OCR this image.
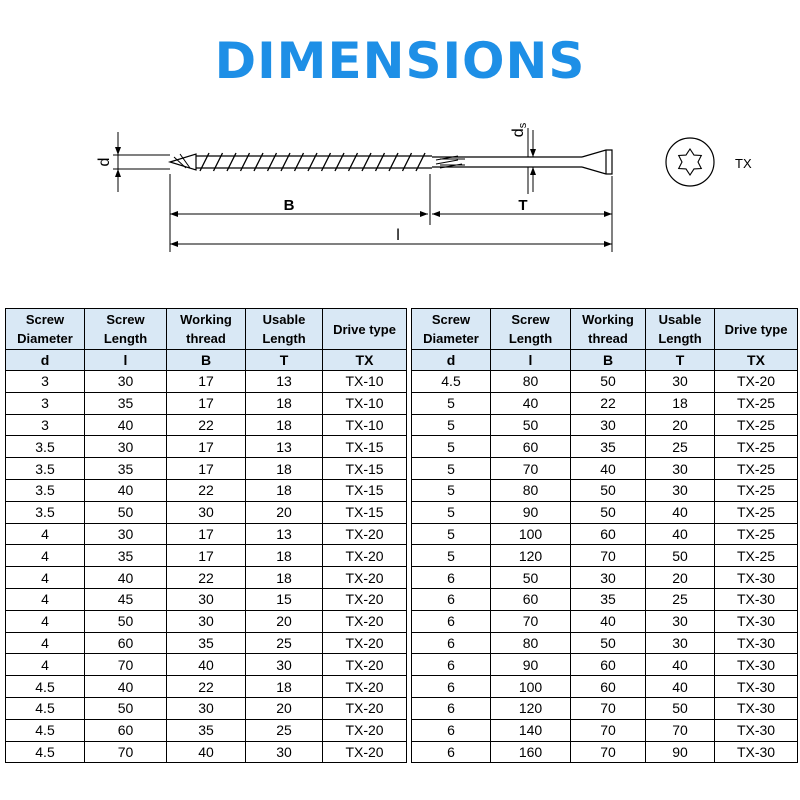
DIMENSIONS
d
ds
B	T
l
TX
Screw Diameter	Screw Length	Working thread	Usable Length	Drive type		Screw Diameter	Screw Length	Working thread	Usable Length	Drive type
d	l	B	T	TX		d	l	B	T	TX
3	30	17	13	TX-10		4.5	80	50	30	TX-20
3	35	17	18	TX-10		5	40	22	18	TX-25
3	40	22	18	TX-10		5	50	30	20	TX-25
3.5	30	17	13	TX-15		5	60	35	25	TX-25
3.5	35	17	18	TX-15		5	70	40	30	TX-25
3.5	40	22	18	TX-15		5	80	50	30	TX-25
3.5	50	30	20	TX-15		5	90	50	40	TX-25
4	30	17	13	TX-20		5	100	60	40	TX-25
4	35	17	18	TX-20		5	120	70	50	TX-25
4	40	22	18	TX-20		6	50	30	20	TX-30
4	45	30	15	TX-20		6	60	35	25	TX-30
4	50	30	20	TX-20		6	70	40	30	TX-30
4	60	35	25	TX-20		6	80	50	30	TX-30
4	70	40	30	TX-20		6	90	60	40	TX-30
4.5	40	22	18	TX-20		6	100	60	40	TX-30
4.5	50	30	20	TX-20		6	120	70	50	TX-30
4.5	60	35	25	TX-20		6	140	70	70	TX-30
4.5	70	40	30	TX-20		6	160	70	90	TX-30
